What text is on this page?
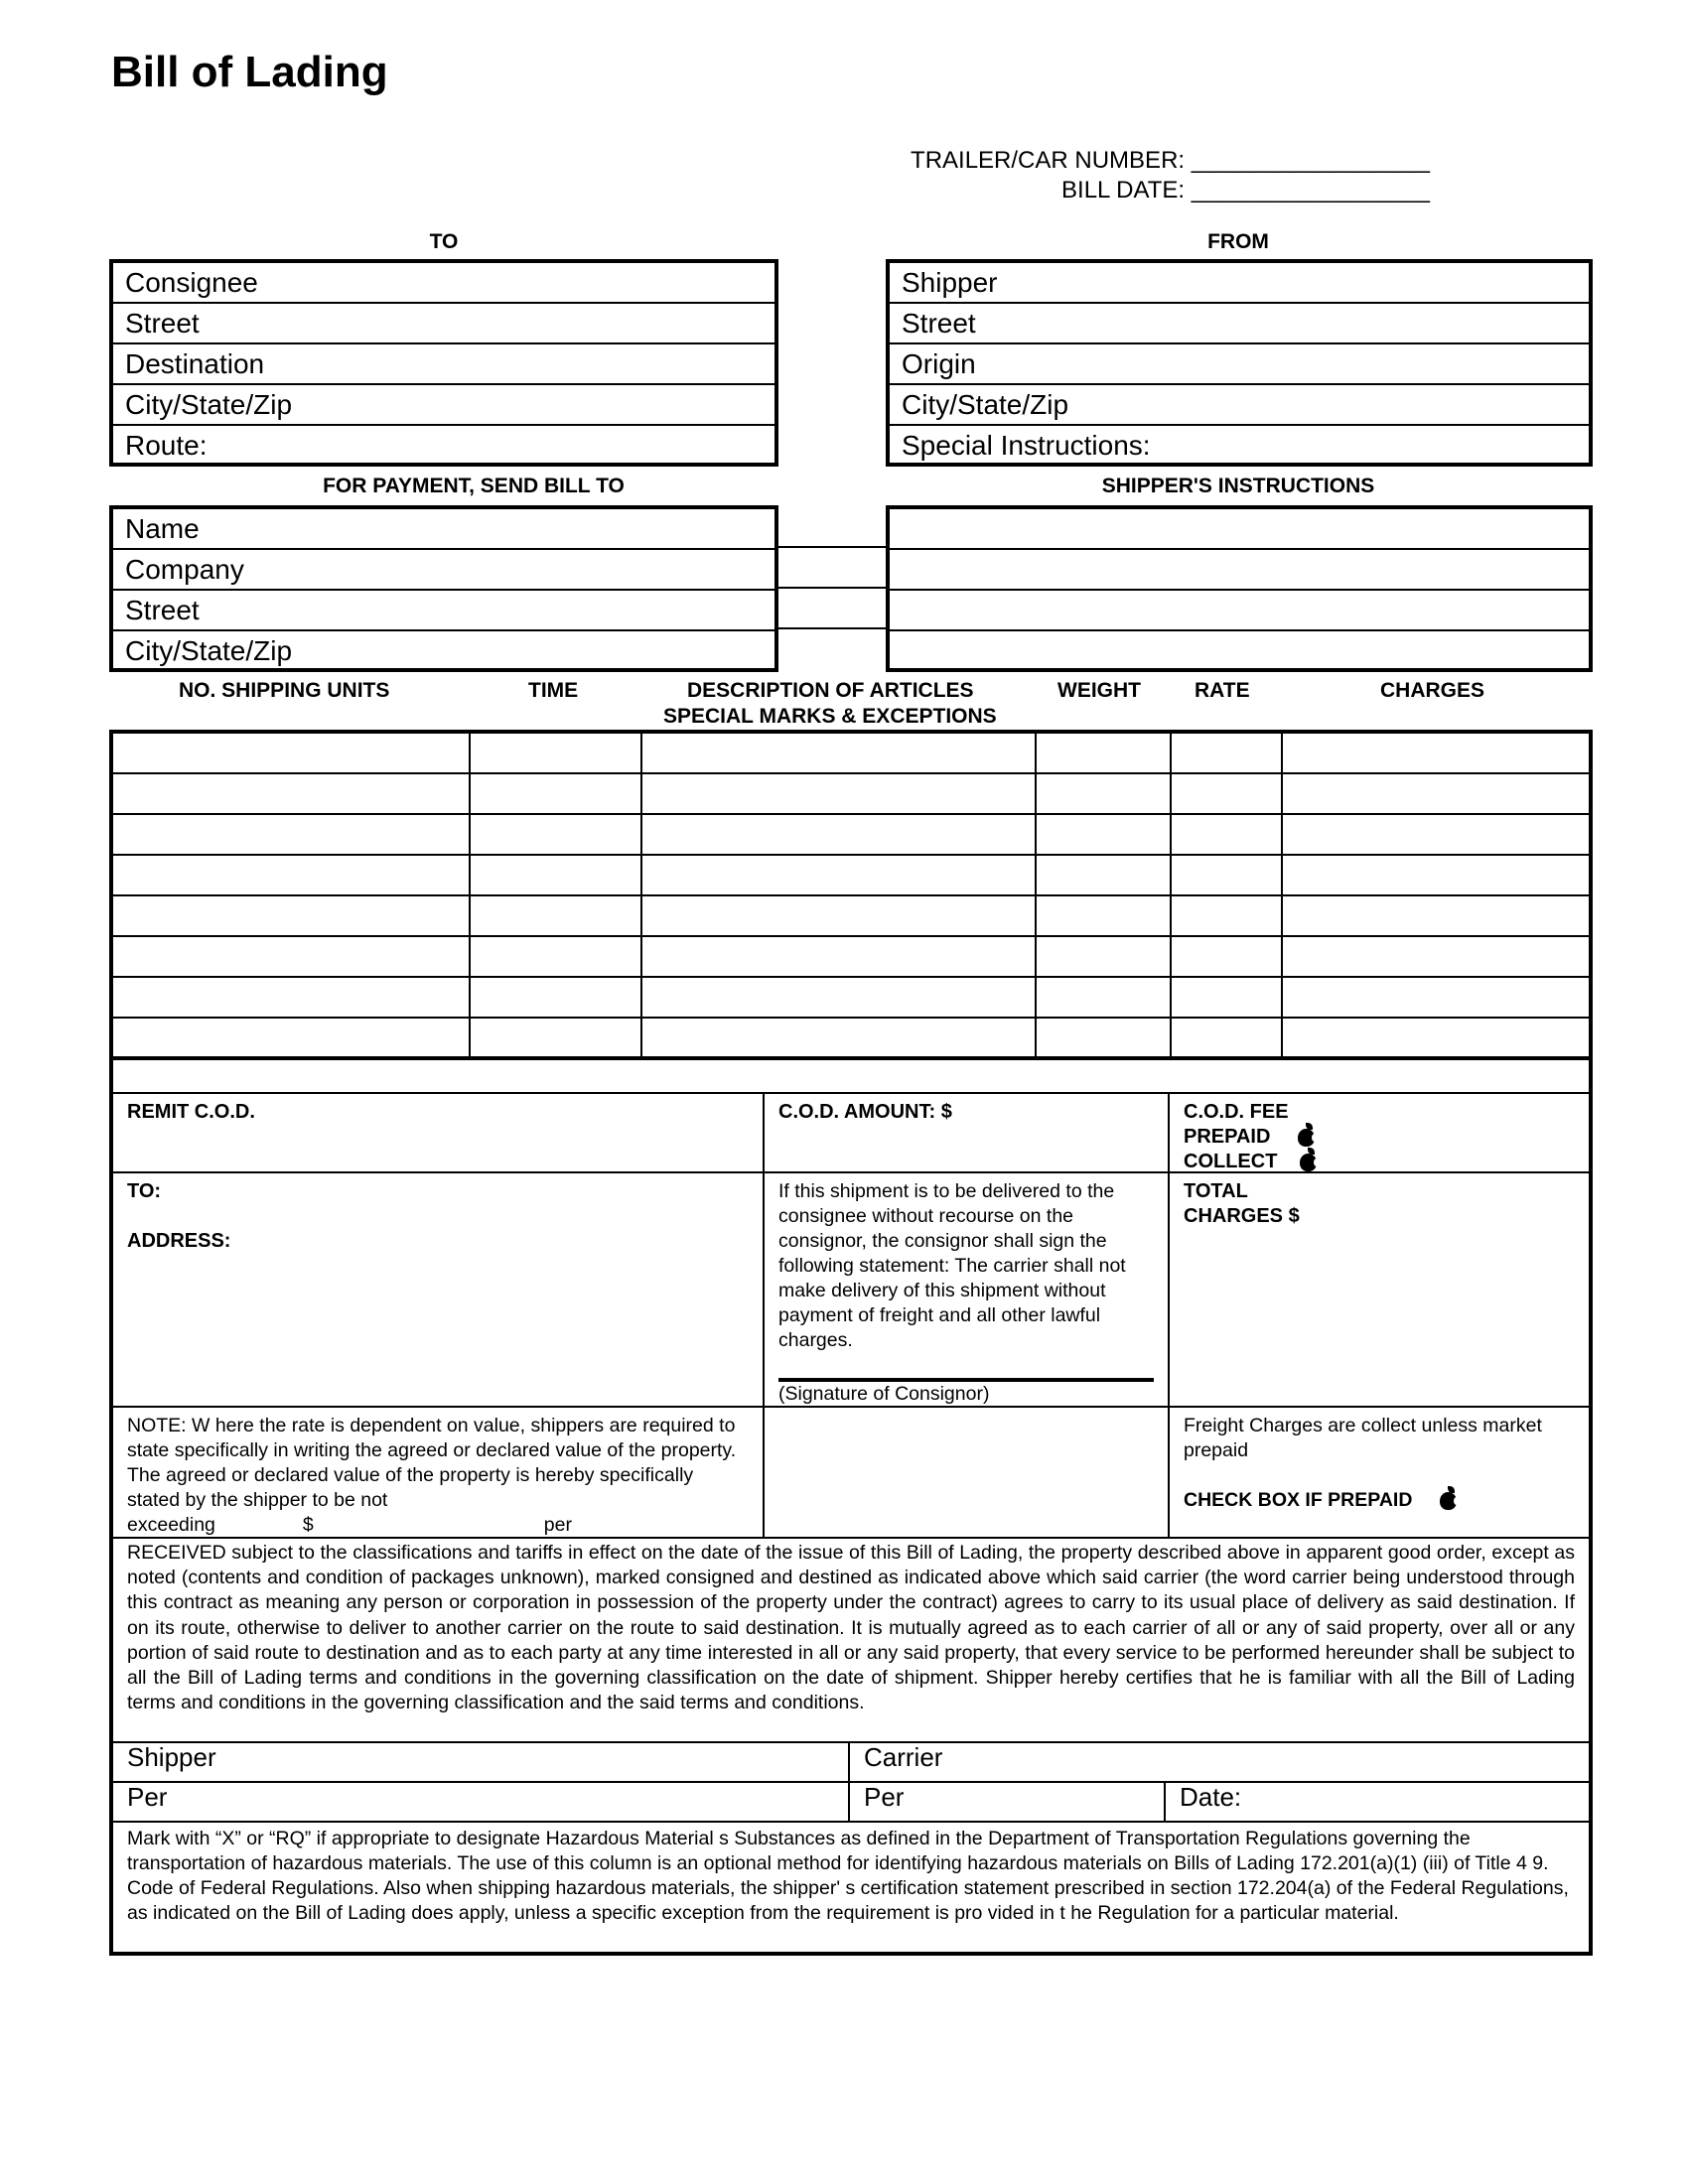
Bill of Lading
TRAILER/CAR NUMBER: __________________
BILL DATE: __________________
TO	FROM
Consignee
Street
Destination
City/State/Zip
Route:
Shipper
Street
Origin
City/State/Zip
Special Instructions:
FOR PAYMENT, SEND BILL TO	SHIPPER'S INSTRUCTIONS
Name
Company
Street
City/State/Zip
NO. SHIPPING UNITS	TIME	DESCRIPTION OF ARTICLES
SPECIAL MARKS & EXCEPTIONS
WEIGHT	RATE	CHARGES

REMIT C.O.D.	C.O.D. AMOUNT: $	C.O.D. FEE
PREPAID
COLLECT
TO:
ADDRESS:
If this shipment is to be delivered to the consignee without recourse on the consignor, the consignor shall sign the following statement: The carrier shall not make delivery of this shipment without payment of freight and all other lawful charges.
(Signature of Consignor)
TOTAL
CHARGES $
NOTE: W here the rate is dependent on value, shippers are required to state specifically in writing the agreed or declared value of the property. The agreed or declared value of the property is hereby specifically stated by the shipper to be not
exceeding	$	per
Freight Charges are collect unless market prepaid
CHECK BOX IF PREPAID
RECEIVED subject to the classifications and tariffs in effect on the date of the issue of this Bill of Lading, the property described above in apparent good order, except as noted (contents and condition of packages unknown), marked consigned and destined as indicated above which said carrier (the word carrier being understood through this contract as meaning any person or corporation in possession of the property under the contract) agrees to carry to its usual place of delivery as said destination. If on its route, otherwise to deliver to another carrier on the route to said destination. It is mutually agreed as to each carrier of all or any of said property, over all or any portion of said route to destination and as to each party at any time interested in all or any said property, that every service to be performed hereunder shall be subject to all the Bill of Lading terms and conditions in the governing classification on the date of shipment. Shipper hereby certifies that he is familiar with all the Bill of Lading terms and conditions in the governing classification and the said terms and conditions.
Shipper	Carrier
Per	Per	Date:
Mark with “X” or “RQ” if appropriate to designate Hazardous Material s Substances as defined in the Department of Transportation Regulations governing the transportation of hazardous materials. The use of this column is an optional method for identifying hazardous materials on Bills of Lading 172.201(a)(1) (iii) of Title 4 9. Code of Federal Regulations. Also when shipping hazardous materials, the shipper' s certification statement prescribed in section 172.204(a) of the Federal Regulations, as indicated on the Bill of Lading does apply, unless a specific exception from the requirement is pro vided in t he Regulation for a particular material.
